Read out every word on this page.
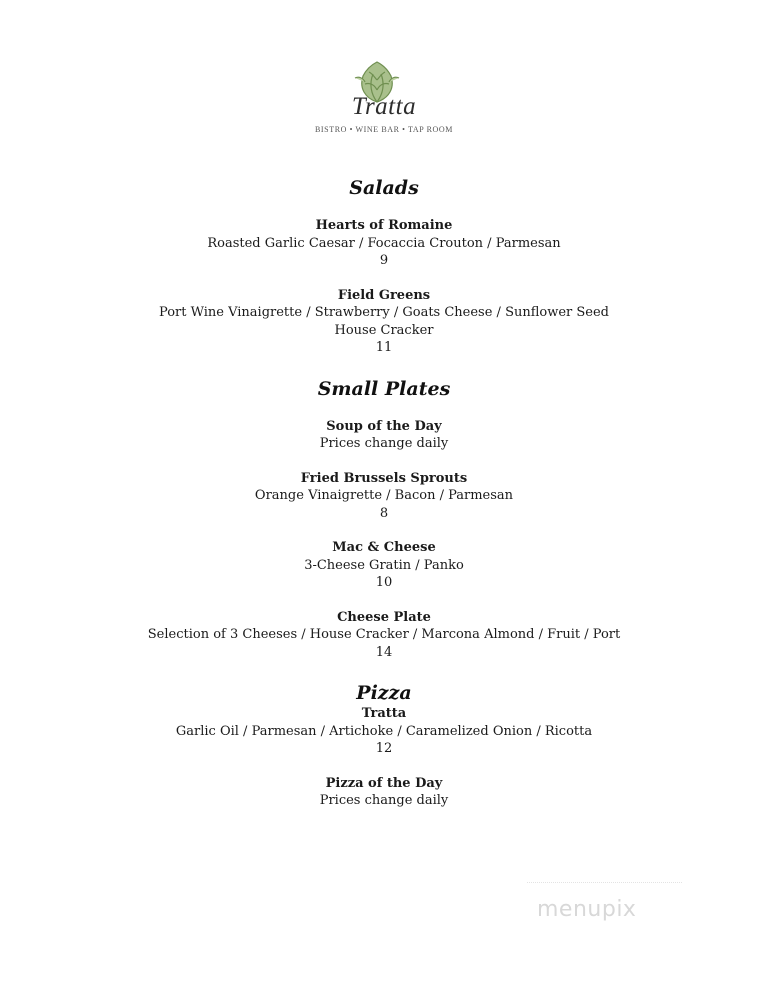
Tratta
BISTRO • WINE BAR • TAP ROOM
Salads
Hearts of Romaine
Roasted Garlic Caesar / Focaccia Crouton / Parmesan
9
Field Greens
Port Wine Vinaigrette / Strawberry / Goats Cheese / Sunflower Seed
House Cracker
11
Small Plates
Soup of the Day
Prices change daily
Fried Brussels Sprouts
Orange Vinaigrette / Bacon / Parmesan
8
Mac & Cheese
3-Cheese Gratin / Panko
10
Cheese Plate
Selection of 3 Cheeses / House Cracker / Marcona Almond / Fruit / Port
14
Pizza
Tratta
Garlic Oil / Parmesan / Artichoke / Caramelized Onion / Ricotta
12
Pizza of the Day
Prices change daily
menupix
